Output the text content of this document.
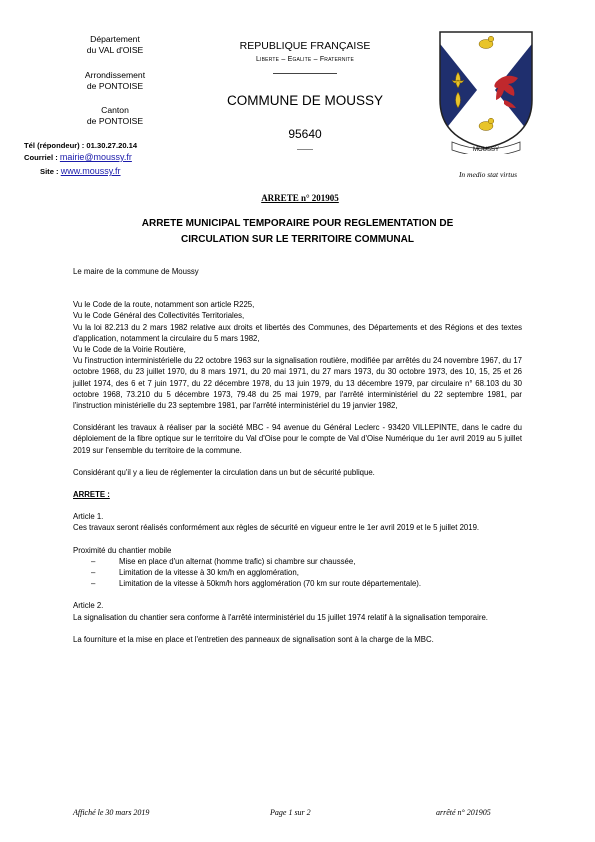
Département
du VAL d'OISE
Arrondissement
de PONTOISE
Canton
de PONTOISE
Tél (répondeur) : 01.30.27.20.14
Courriel : mairie@moussy.fr
Site : www.moussy.fr
REPUBLIQUE FRANÇAISE
Liberte – Egalite – Fraternite
COMMUNE DE MOUSSY
95640
MOUSSY
In medio stat virtus
ARRETE n° 201905
ARRETE MUNICIPAL TEMPORAIRE POUR REGLEMENTATION DE
CIRCULATION SUR LE TERRITOIRE COMMUNAL

Le maire de la commune de Moussy

Vu le Code de la route, notamment son article R225,

Vu le Code Général des Collectivités Territoriales,

Vu la loi 82.213 du 2 mars 1982 relative aux droits et libertés des Communes, des Départements et des Régions et des textes d'application, notamment la circulaire du 5 mars 1982,

Vu le Code de la Voirie Routière,

Vu l'instruction interministérielle du 22 octobre 1963 sur la signalisation routière, modifiée par arrêtés du 24 novembre 1967, du 17 octobre 1968, du 23 juillet 1970, du 8 mars 1971, du 20 mai 1971, du 27 mars 1973, du 30 octobre 1973, des 10, 15, 25 et 26 juillet 1974, des 6 et 7 juin 1977, du 22 décembre 1978, du 13 juin 1979, du 13 décembre 1979, par circulaire n° 68.103 du 30 octobre 1968, 73.210 du 5 décembre 1973, 79.48 du 25 mai 1979, par l'arrêté interministériel du 22 septembre 1981, par l'instruction ministérielle du 23 septembre 1981, par l'arrêté interministériel du 19 janvier 1982,

Considérant les travaux à réaliser par la société MBC - 94 avenue du Général Leclerc - 93420 VILLEPINTE, dans le cadre du déploiement de la fibre optique sur le territoire du Val d'Oise pour le compte de Val d'Oise Numérique du 1er avril 2019 au 5 juillet 2019 sur l'ensemble du territoire de la commune.

Considérant qu'il y a lieu de réglementer la circulation dans un but de sécurité publique.

ARRETE :

Article 1.

Ces travaux seront réalisés conformément aux règles de sécurité en vigueur entre le 1er avril 2019 et le 5 juillet 2019.

Proximité du chantier mobile

– Mise en place d'un alternat (homme trafic) si chambre sur chaussée,
– Limitation de la vitesse à 30 km/h en agglomération,
– Limitation de la vitesse à 50km/h hors agglomération (70 km sur route départementale).

Article 2.

La signalisation du chantier sera conforme à l'arrêté interministériel du 15 juillet 1974 relatif à la signalisation temporaire.

La fourniture et la mise en place et l'entretien des panneaux de signalisation sont à la charge de la MBC.

Affiché le 30 mars 2019	Page 1 sur 2	arrêté n° 201905
